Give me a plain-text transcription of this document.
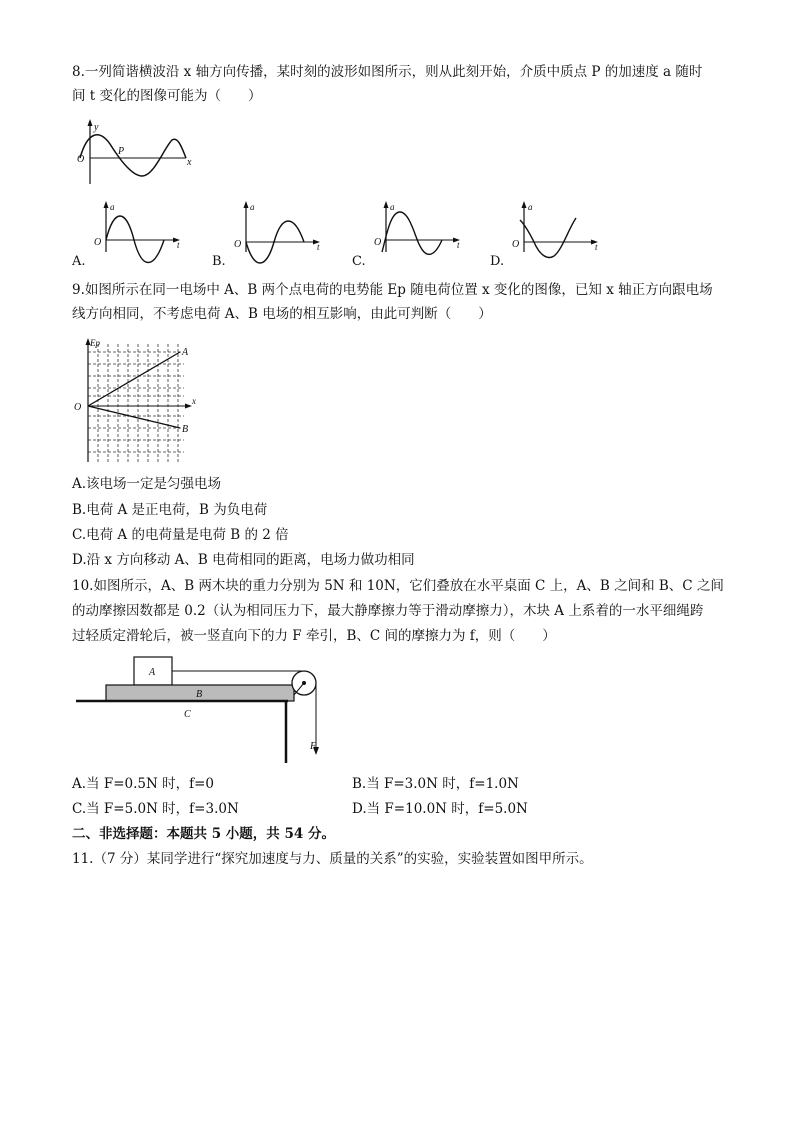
8.一列简谐横波沿 x 轴方向传播，某时刻的波形如图所示，则从此刻开始，介质中质点 P 的加速度 a 随时
间 t 变化的图像可能为（　　）
y
x
O
P
a
O	t
A.
a
O	t
B.
a
O	t
C.
a
O	t
D.
9.如图所示在同一电场中 A、B 两个点电荷的电势能 Ep 随电荷位置 x 变化的图像，已知 x 轴正方向跟电场
线方向相同，不考虑电荷 A、B 电场的相互影响，由此可判断（　　）
Ep
x
O
A
B
A.该电场一定是匀强电场
B.电荷 A 是正电荷，B 为负电荷
C.电荷 A 的电荷量是电荷 B 的 2 倍
D.沿 x 方向移动 A、B 电荷相同的距离，电场力做功相同
10.如图所示，A、B 两木块的重力分别为 5N 和 10N，它们叠放在水平桌面 C 上，A、B 之间和 B、C 之间
的动摩擦因数都是 0.2（认为相同压力下，最大静摩擦力等于滑动摩擦力），木块 A 上系着的一水平细绳跨
过轻质定滑轮后，被一竖直向下的力 F 牵引，B、C 间的摩擦力为 f，则（　　）
A
B
C
F
A.当 F=0.5N 时，f=0	B.当 F=3.0N 时，f=1.0N
C.当 F=5.0N 时，f=3.0N	D.当 F=10.0N 时，f=5.0N
二、非选择题：本题共 5 小题，共 54 分。
11.（7 分）某同学进行“探究加速度与力、质量的关系”的实验，实验装置如图甲所示。
